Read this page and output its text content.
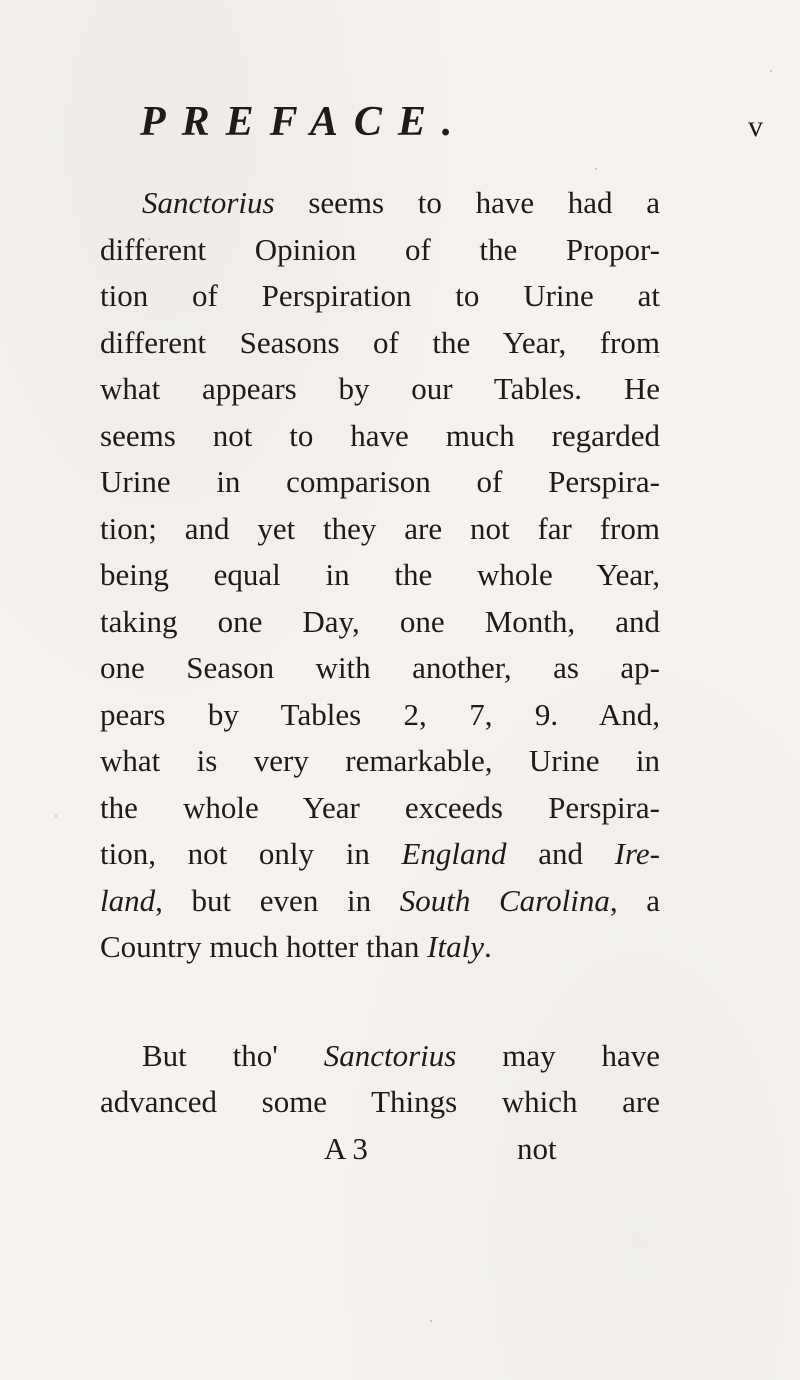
PREFACE.	v
Sanctorius seems to have had a
different Opinion of the Propor-
tion of Perspiration to Urine at
different Seasons of the Year, from
what appears by our Tables. He
seems not to have much regarded
Urine in comparison of Perspira-
tion; and yet they are not far from
being equal in the whole Year,
taking one Day, one Month, and
one Season with another, as ap-
pears by Tables 2, 7, 9. And,
what is very remarkable, Urine in
the whole Year exceeds Perspira-
tion, not only in England and Ire-
land, but even in South Carolina, a
Country much hotter than Italy.
But tho' Sanctorius may have
advanced some Things which are
A 3	not
